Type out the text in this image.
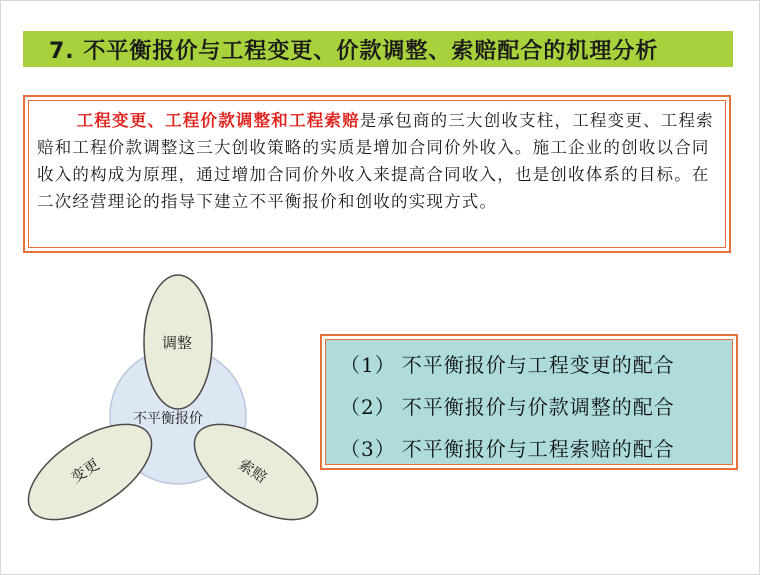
7. 不平衡报价与工程变更、价款调整、索赔配合的机理分析

工程变更、工程价款调整和工程索赔是承包商的三大创收支柱，工程变更、工程索赔和工程价款调整这三大创收策略的实质是增加合同价外收入。施工企业的创收以合同收入的构成为原理，通过增加合同价外收入来提高合同收入，也是创收体系的目标。在二次经营理论的指导下建立不平衡报价和创收的实现方式。

调整
不平衡报价
变更	索赔
（1） 不平衡报价与工程变更的配合
（2） 不平衡报价与价款调整的配合
（3） 不平衡报价与工程索赔的配合
